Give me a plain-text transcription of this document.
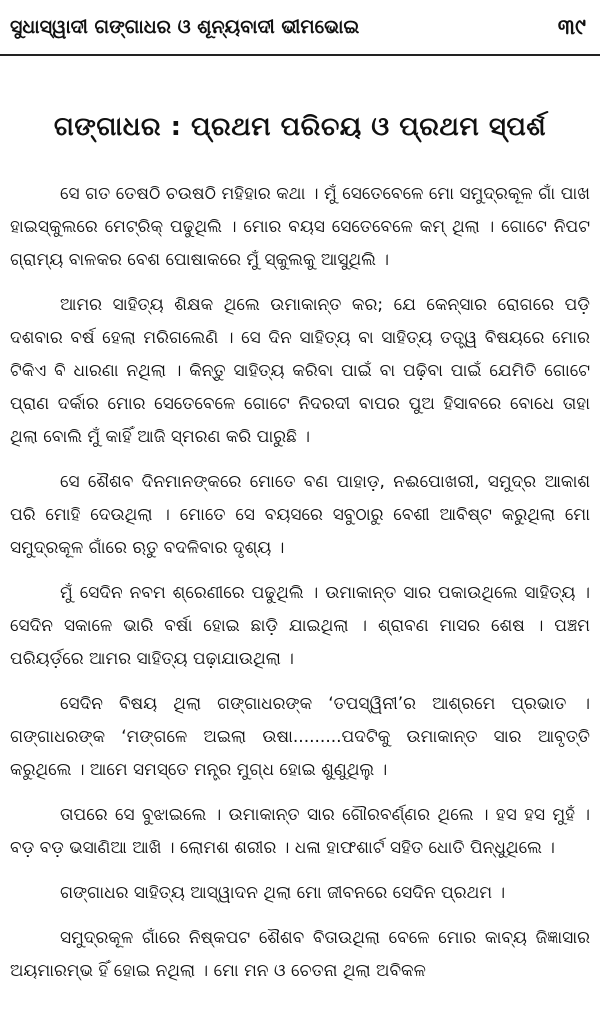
ସୁଧାସ୍ୱାଦୀ ଗଙ୍ଗାଧର ଓ ଶୂନ୍ୟବାଦୀ ଭୀମଭୋଇ	୩୯
ଗଙ୍ଗାଧର : ପ୍ରଥମ ପରିଚୟ ଓ ପ୍ରଥମ ସ୍ପର୍ଶ

ସେ ଗତ ତେଷଠି ଚଉଷଠି ମହିହାର କଥା । ମୁଁ ସେତେବେଳେ ମୋ ସମୁଦ୍ରକୂଳ ଗାଁ ପାଖ ହାଇସ୍କୁଲରେ ମେଟ୍ରିକ୍ ପଢୁଥିଲି । ମୋର ବୟସ ସେତେବେଳେ କମ୍ ଥିଲା । ଗୋଟେ ନିପଟ ଗ୍ରାମ୍ୟ ବାଳକର ବେଶ ପୋଷାକରେ ମୁଁ ସ୍କୁଲକୁ ଆସୁଥିଲି ।

ଆମର ସାହିତ୍ୟ ଶିକ୍ଷକ ଥିଲେ ଉମାକାନ୍ତ କର; ଯେ କେନ୍ସାର ରୋଗରେ ପଡ଼ି ଦଶବାର ବର୍ଷ ହେଲା ମରିଗଲେଣି । ସେ ଦିନ ସାହିତ୍ୟ ବା ସାହିତ୍ୟ ତତ୍ତ୍ୱ ବିଷୟରେ ମୋର ଟିକିଏ ବି ଧାରଣା ନଥିଲା । କିନ୍ତୁ ସାହିତ୍ୟ କରିବା ପାଇଁ ବା ପଢ଼ିବା ପାଇଁ ଯେମିତି ଗୋଟେ ପ୍ରାଣ ଦର୍କାର ମୋର ସେତେବେଳେ ଗୋଟେ ନିଦରଦୀ ବାପର ପୁଅ ହିସାବରେ ବୋଧେ ତାହା ଥିଲା ବୋଲି ମୁଁ କାହିଁ ଆଜି ସ୍ମରଣ କରି ପାରୁଛି ।

ସେ ଶୈଶବ ଦିନମାନଙ୍କରେ ମୋତେ ବଣ ପାହାଡ଼, ନଈପୋଖରୀ, ସମୁଦ୍ର ଆକାଶ ପରି ମୋହି ଦେଉଥିଲା । ମୋତେ ସେ ବୟସରେ ସବୁଠାରୁ ବେଶୀ ଆବିଷ୍ଟ କରୁଥିଲା ମୋ ସମୁଦ୍ରକୂଳ ଗାଁରେ ଋତୁ ବଦଳିବାର ଦୃଶ୍ୟ ।

ମୁଁ ସେଦିନ ନବମ ଶ୍ରେଣୀରେ ପଢୁଥିଲି । ଉମାକାନ୍ତ ସାର ପକାଉଥିଲେ ସାହିତ୍ୟ । ସେଦିନ ସକାଳେ ଭାରି ବର୍ଷା ହୋଇ ଛାଡ଼ି ଯାଇଥିଲା । ଶ୍ରାବଣ ମାସର ଶେଷ । ପଞ୍ଚମ ପରିୟର୍ଡ଼ରେ ଆମର ସାହିତ୍ୟ ପଢ଼ାଯାଉଥିଲା ।

ସେଦିନ ବିଷୟ ଥିଲା ଗଙ୍ଗାଧରଙ୍କ ‘ତପସ୍ୱିନୀ’ର ଆଶ୍ରମେ ପ୍ରଭାତ । ଗଙ୍ଗାଧରଙ୍କ ‘ମଙ୍ଗଳେ ଅଇଲା ଉଷା.........ପଦଟିକୁ ଉମାକାନ୍ତ ସାର ଆବୃତ୍ତି କରୁଥିଲେ । ଆମେ ସମସ୍ତେ ମନ୍ତ୍ର ମୁଗ୍ଧ ହୋଇ ଶୁଣୁଥିଲୁ ।

ତାପରେ ସେ ବୁଝାଇଲେ । ଉମାକାନ୍ତ ସାର ଗୌରବର୍ଣ୍ଣର ଥିଲେ । ହସ ହସ ମୁହଁ । ବଡ଼ ବଡ଼ ଭସାଣିଆ ଆଖି । ଲୋମଶ ଶରୀର । ଧଳା ହାଫଶାର୍ଟ ସହିତ ଧୋତି ପିନ୍ଧୁଥିଲେ ।

ଗଙ୍ଗାଧର ସାହିତ୍ୟ ଆସ୍ୱାଦନ ଥିଲା ମୋ ଜୀବନରେ ସେଦିନ ପ୍ରଥମ ।

ସମୁଦ୍ରକୂଳ ଗାଁରେ ନିଷ୍କପଟ ଶୈଶବ ବିତାଉଥିଲା ବେଳେ ମୋର କାବ୍ୟ ଜିଜ୍ଞାସାର ଅୟମାରମ୍ଭ ହିଁ ହୋଇ ନଥିଲା । ମୋ ମନ ଓ ଚେତନା ଥିଲା ଅବିକଳ
